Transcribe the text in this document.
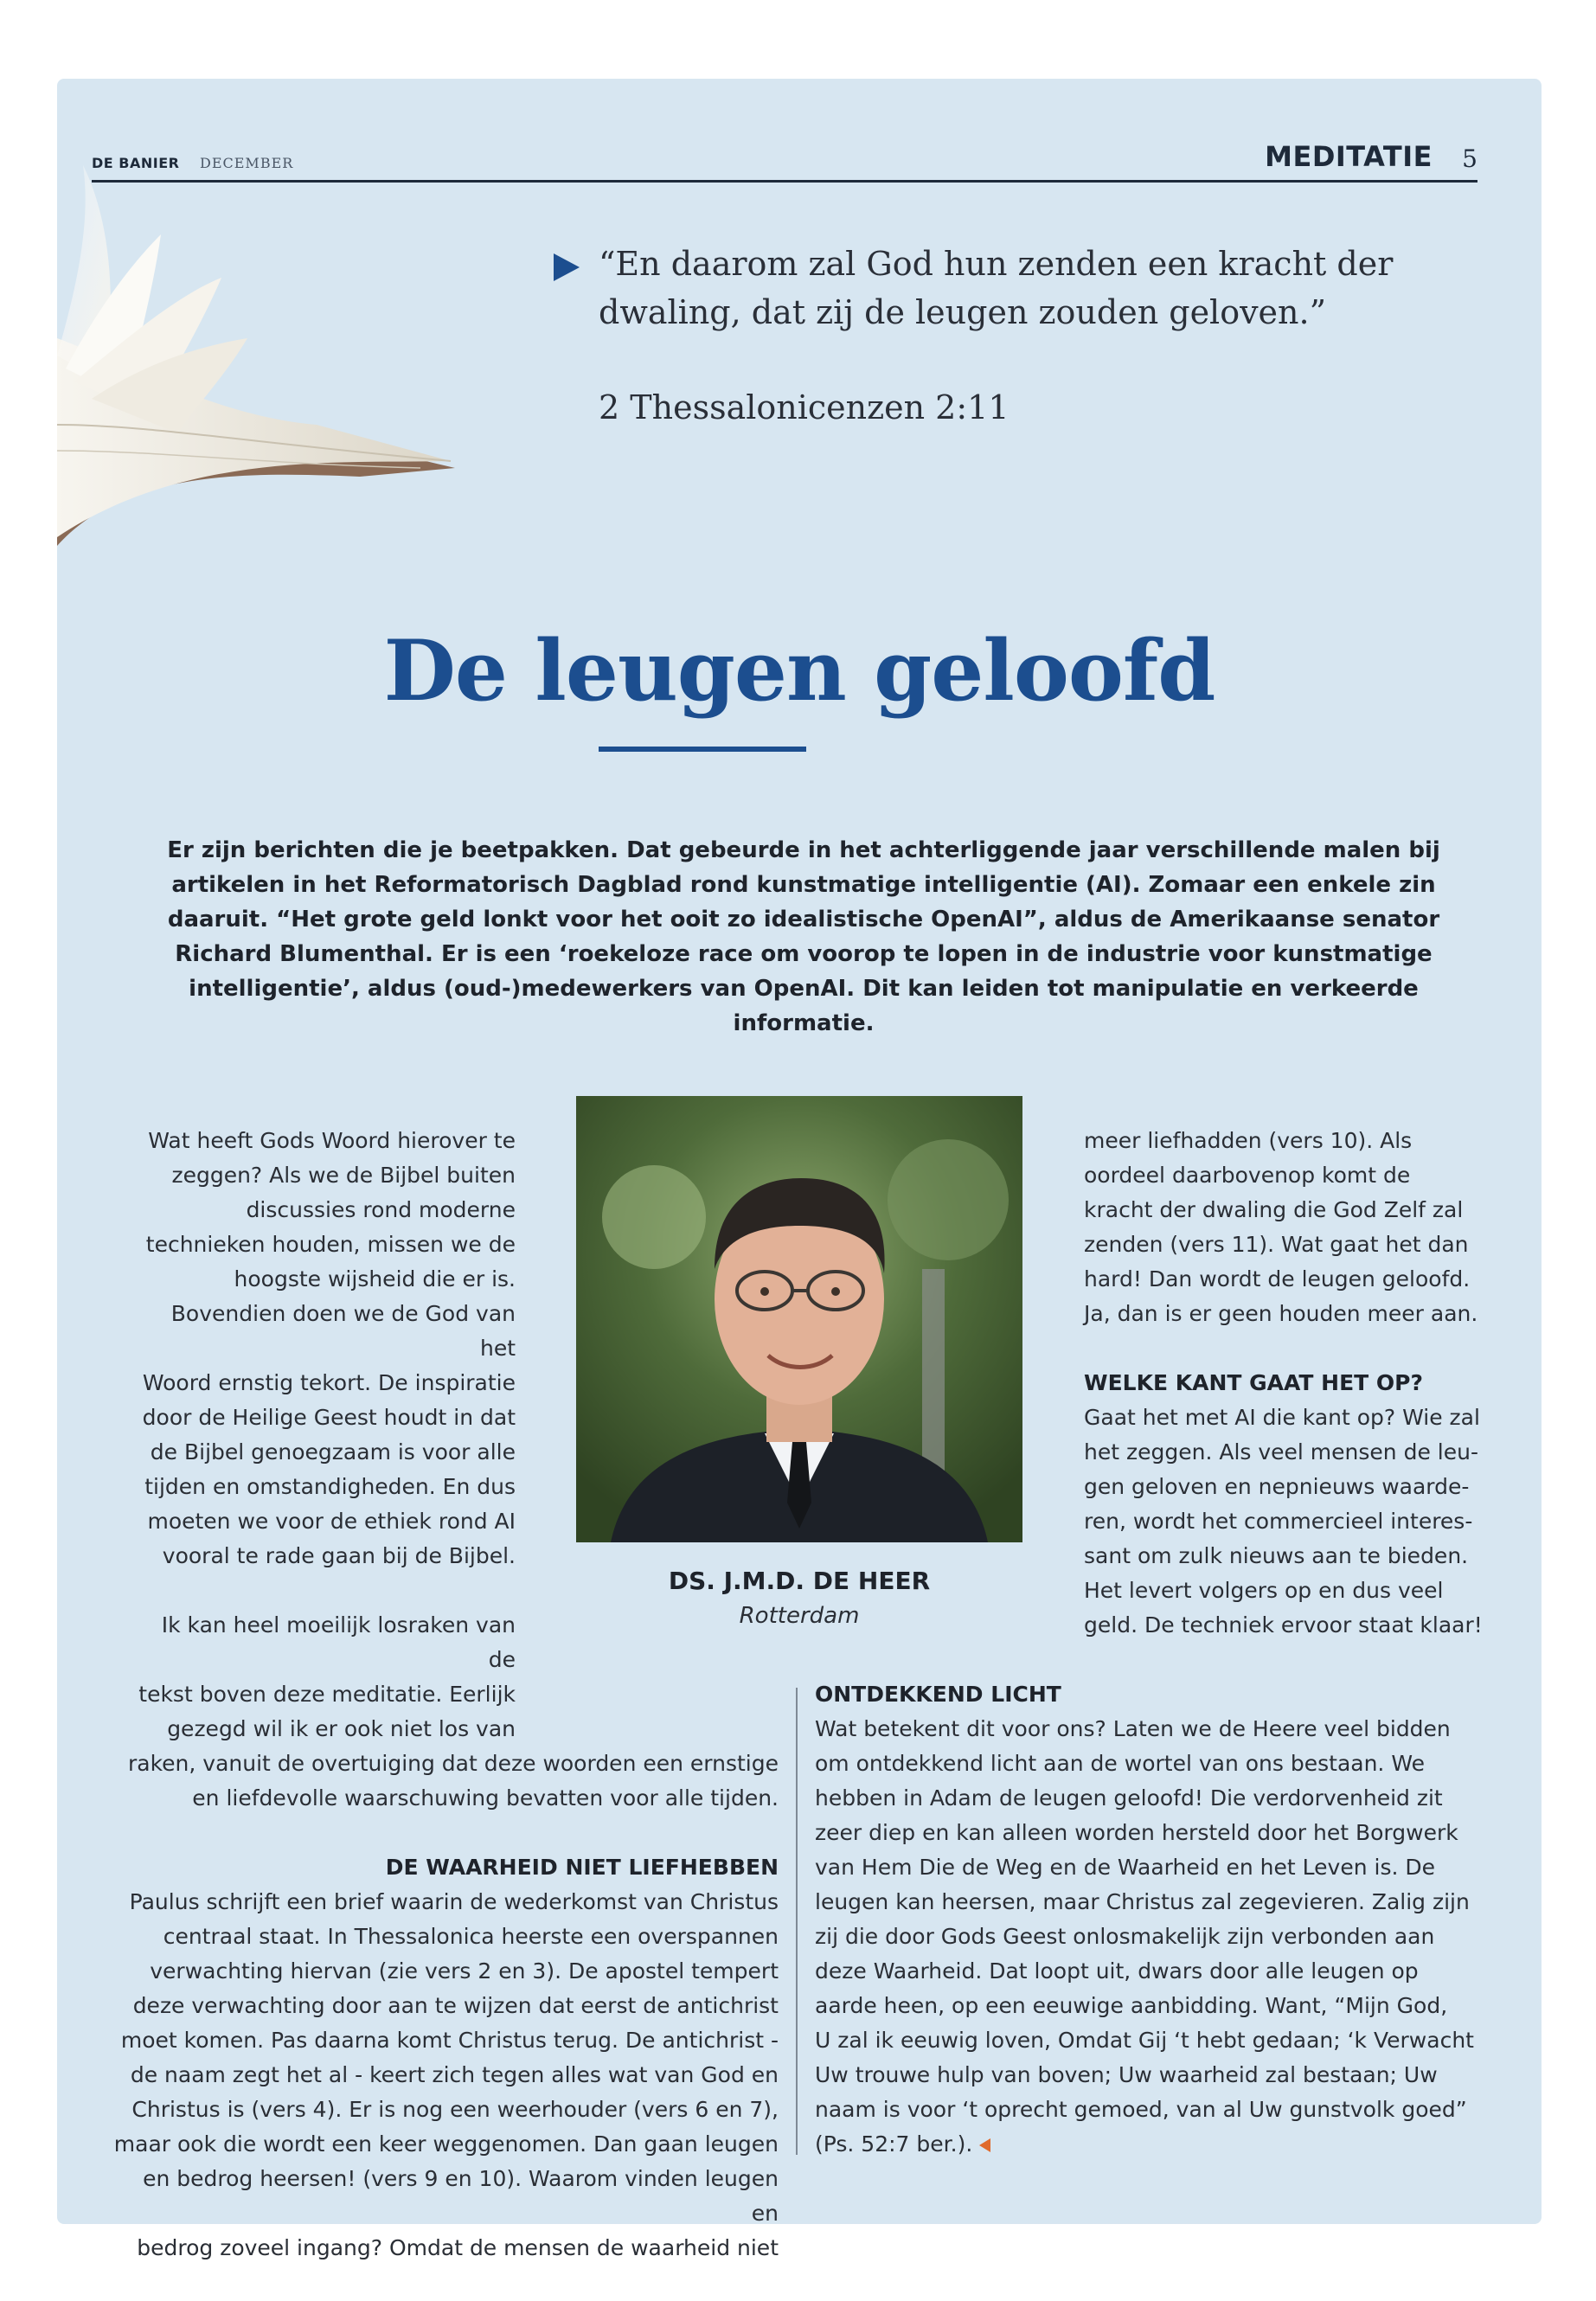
DE BANIER DECEMBER	MEDITATIE 5
“En daarom zal God hun zenden een kracht der dwaling, dat zij de leugen zouden geloven.”
2 Thessalonicenzen 2:11
De leugen geloofd

Er zijn berichten die je beetpakken. Dat gebeurde in het achterliggende jaar verschillende malen bij artikelen in het Reformatorisch Dagblad rond kunstmatige intelligentie (AI). Zomaar een enkele zin daaruit. “Het grote geld lonkt voor het ooit zo idealistische OpenAI”, aldus de Amerikaanse senator Richard Blumenthal. Er is een ‘roekeloze race om voorop te lopen in de industrie voor kunstmatige intelligentie’, aldus (oud-)medewerkers van OpenAI. Dit kan leiden tot manipulatie en verkeerde informatie.

Wat heeft Gods Woord hierover te

zeggen? Als we de Bijbel buiten

discussies rond moderne

technieken houden, missen we de

hoogste wijsheid die er is.

Bovendien doen we de God van het

Woord ernstig tekort. De inspiratie

door de Heilige Geest houdt in dat

de Bijbel genoegzaam is voor alle

tijden en omstandigheden. En dus

moeten we voor de ethiek rond AI

vooral te rade gaan bij de Bijbel.

Ik kan heel moeilijk losraken van de

tekst boven deze meditatie. Eerlijk

gezegd wil ik er ook niet los van

DS. J.M.D. DE HEER
Rotterdam

meer liefhadden (vers 10). Als

oordeel daarbovenop komt de

kracht der dwaling die God Zelf zal

zenden (vers 11). Wat gaat het dan

hard! Dan wordt de leugen geloofd.

Ja, dan is er geen houden meer aan.

WELKE KANT GAAT HET OP?

Gaat het met AI die kant op? Wie zal

het zeggen. Als veel mensen de leu-

gen geloven en nepnieuws waarde-

ren, wordt het commercieel interes-

sant om zulk nieuws aan te bieden.

Het levert volgers op en dus veel

geld. De techniek ervoor staat klaar!

raken, vanuit de overtuiging dat deze woorden een ernstige

en liefdevolle waarschuwing bevatten voor alle tijden.

DE WAARHEID NIET LIEFHEBBEN

Paulus schrijft een brief waarin de wederkomst van Christus

centraal staat. In Thessalonica heerste een overspannen

verwachting hiervan (zie vers 2 en 3). De apostel tempert

deze verwachting door aan te wijzen dat eerst de antichrist

moet komen. Pas daarna komt Christus terug. De antichrist -

de naam zegt het al - keert zich tegen alles wat van God en

Christus is (vers 4). Er is nog een weerhouder (vers 6 en 7),

maar ook die wordt een keer weggenomen. Dan gaan leugen

en bedrog heersen! (vers 9 en 10). Waarom vinden leugen en

bedrog zoveel ingang? Omdat de mensen de waarheid niet

ONTDEKKEND LICHT

Wat betekent dit voor ons? Laten we de Heere veel bidden

om ontdekkend licht aan de wortel van ons bestaan. We

hebben in Adam de leugen geloofd! Die verdorvenheid zit

zeer diep en kan alleen worden hersteld door het Borgwerk

van Hem Die de Weg en de Waarheid en het Leven is. De

leugen kan heersen, maar Christus zal zegevieren. Zalig zijn

zij die door Gods Geest onlosmakelijk zijn verbonden aan

deze Waarheid. Dat loopt uit, dwars door alle leugen op

aarde heen, op een eeuwige aanbidding. Want, “Mijn God,

U zal ik eeuwig loven, Omdat Gij ‘t hebt gedaan; ‘k Verwacht

Uw trouwe hulp van boven; Uw waarheid zal bestaan; Uw

naam is voor ‘t oprecht gemoed, van al Uw gunstvolk goed”

(Ps. 52:7 ber.).
